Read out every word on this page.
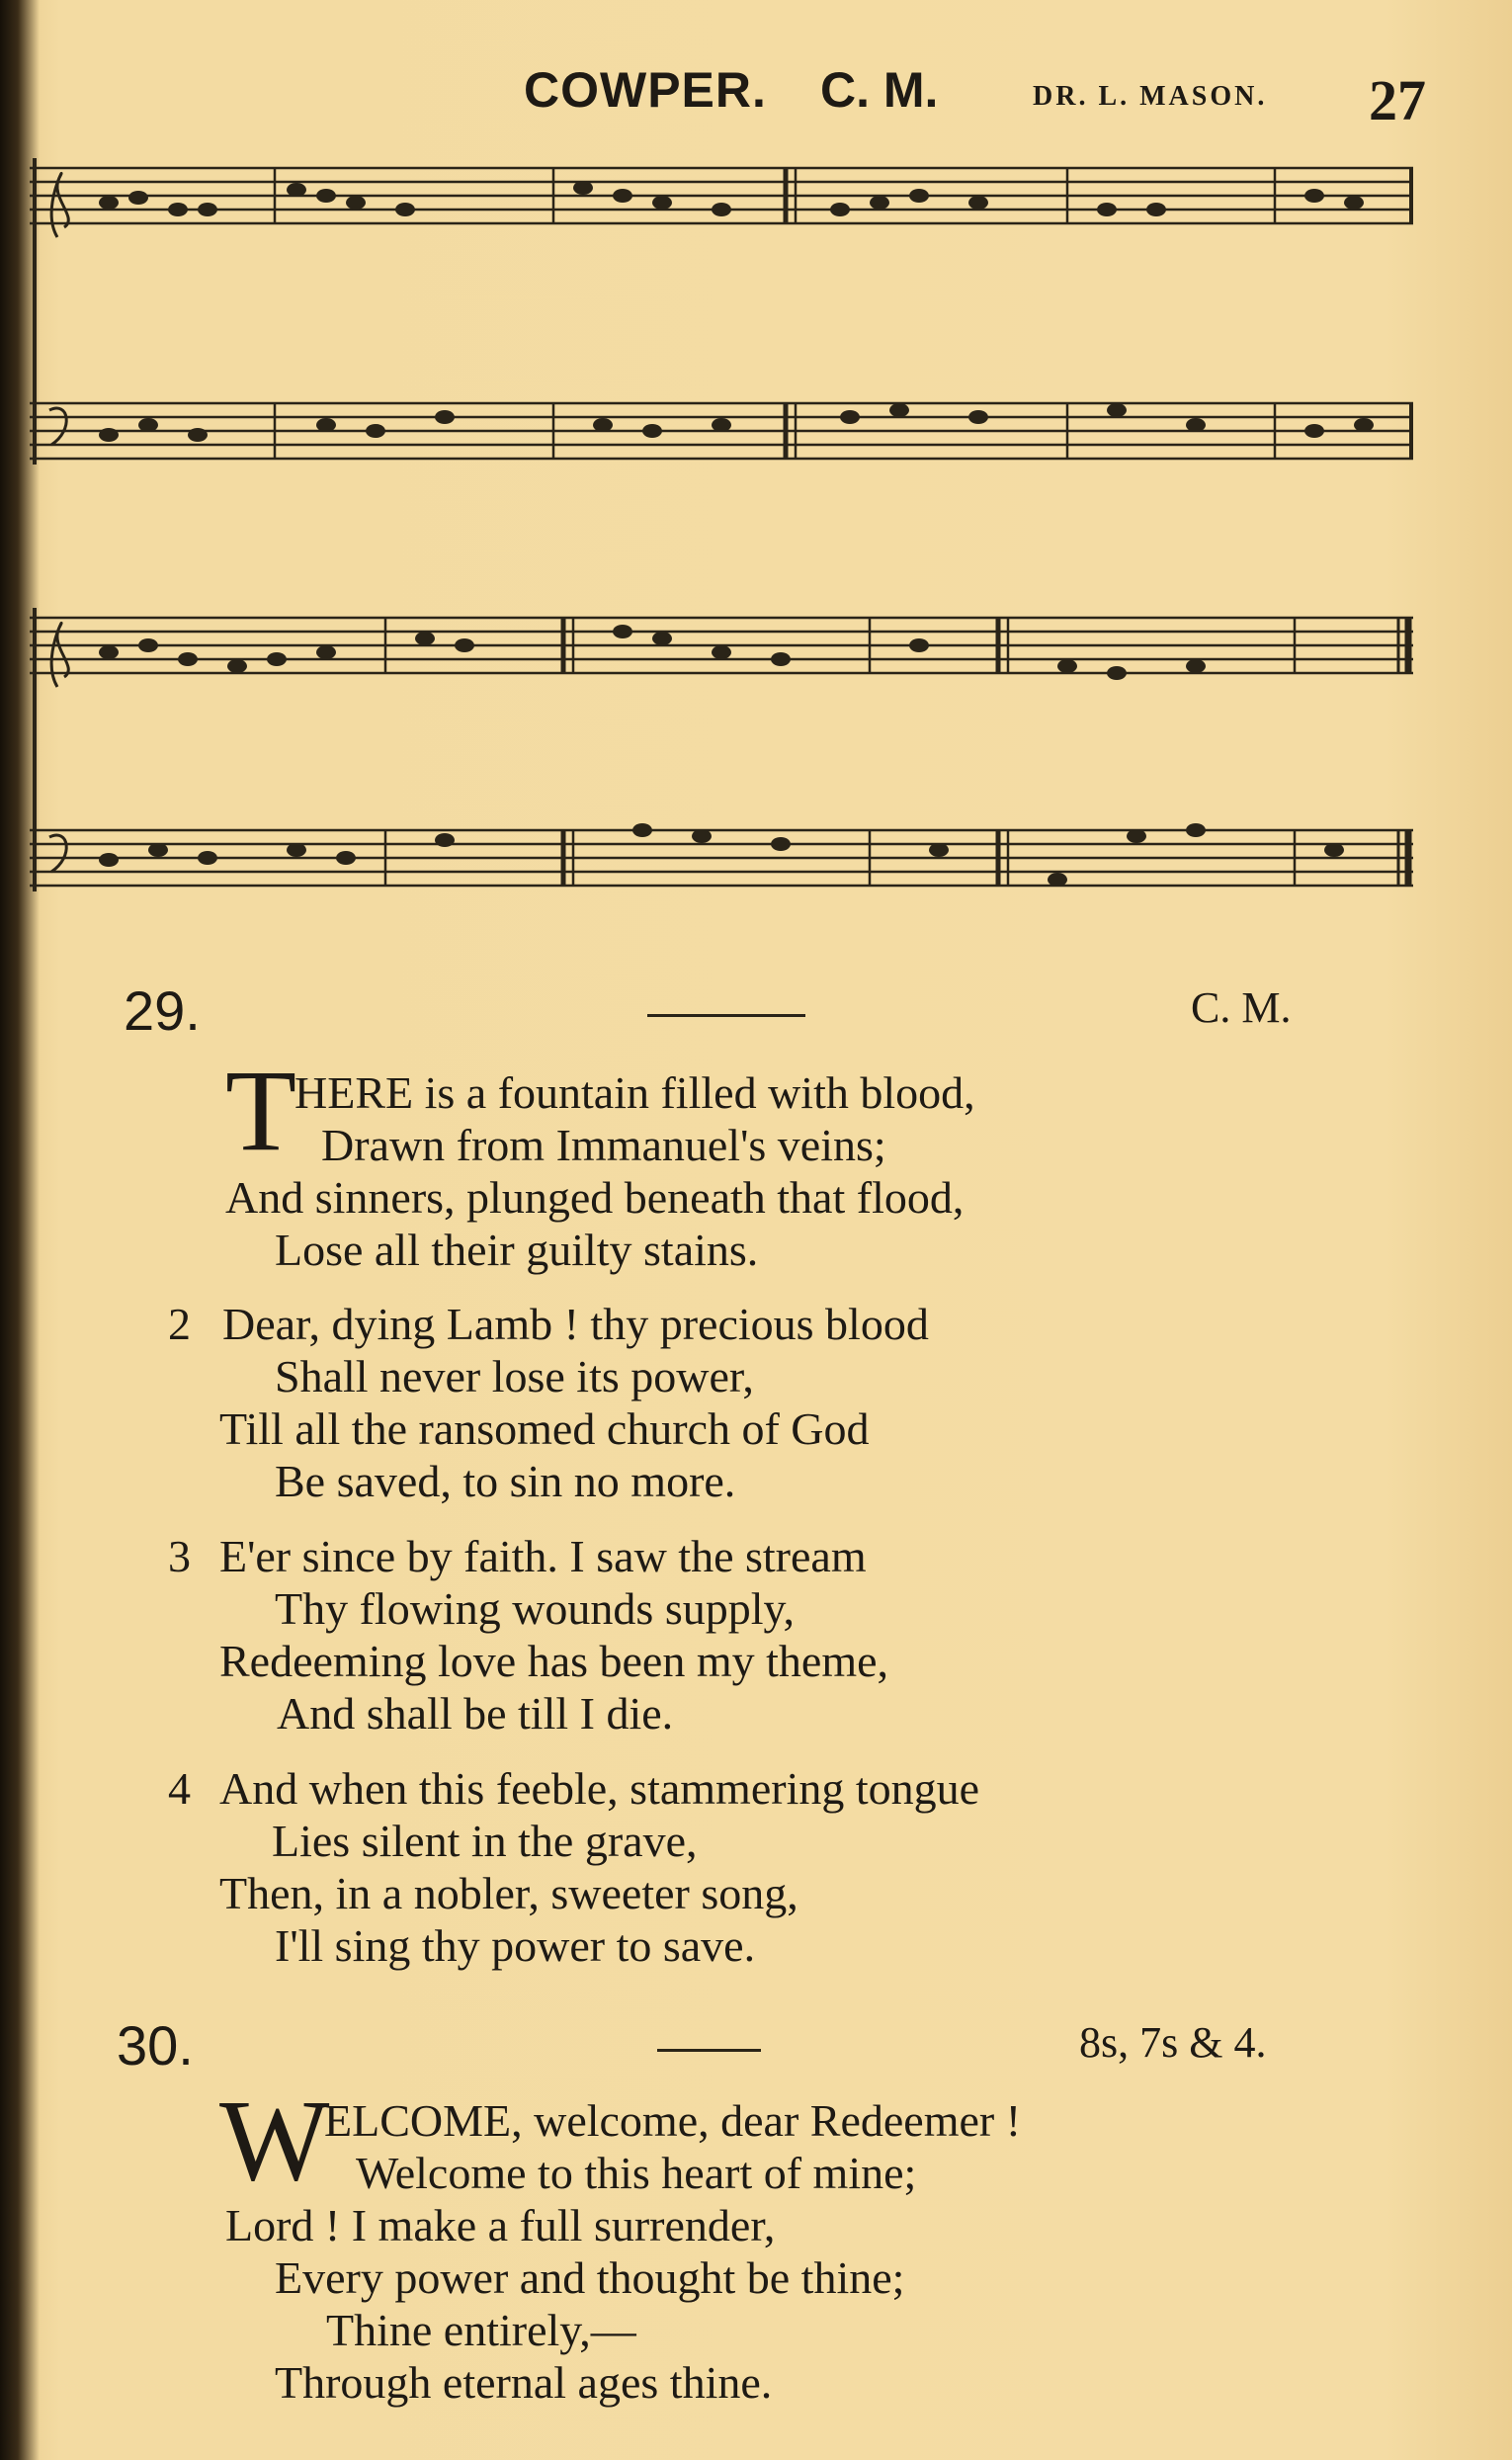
COWPER. C. M.	DR. L. MASON. 27
29.	C. M.
T
HERE is a fountain filled with blood,
Drawn from Immanuel's veins;
And sinners, plunged beneath that flood,
Lose all their guilty stains.
2 Dear, dying Lamb ! thy precious blood
Shall never lose its power,
Till all the ransomed church of God
Be saved, to sin no more.
3 E'er since by faith. I saw the stream
Thy flowing wounds supply,
Redeeming love has been my theme,
And shall be till I die.
4 And when this feeble, stammering tongue
Lies silent in the grave,
Then, in a nobler, sweeter song,
I'll sing thy power to save.
30.	8s, 7s & 4.
W
ELCOME, welcome, dear Redeemer !
Welcome to this heart of mine;
Lord ! I make a full surrender,
Every power and thought be thine;
Thine entirely,—
Through eternal ages thine.
